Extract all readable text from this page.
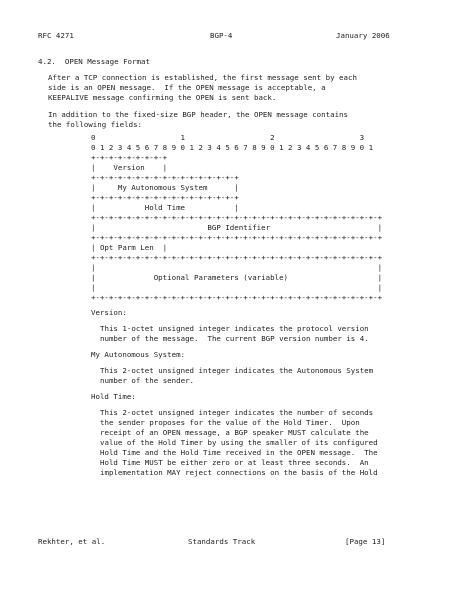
RFC 4271	BGP-4	January 2006
4.2.  OPEN Message Format
After a TCP connection is established, the first message sent by each
side is an OPEN message.  If the OPEN message is acceptable, a
KEEPALIVE message confirming the OPEN is sent back.
In addition to the fixed-size BGP header, the OPEN message contains
the following fields:
0                   1                   2                   3
0 1 2 3 4 5 6 7 8 9 0 1 2 3 4 5 6 7 8 9 0 1 2 3 4 5 6 7 8 9 0 1
+-+-+-+-+-+-+-+-+
|    Version    |
+-+-+-+-+-+-+-+-+-+-+-+-+-+-+-+-+
|     My Autonomous System      |
+-+-+-+-+-+-+-+-+-+-+-+-+-+-+-+-+
|           Hold Time           |
+-+-+-+-+-+-+-+-+-+-+-+-+-+-+-+-+-+-+-+-+-+-+-+-+-+-+-+-+-+-+-+-+
|                         BGP Identifier                        |
+-+-+-+-+-+-+-+-+-+-+-+-+-+-+-+-+-+-+-+-+-+-+-+-+-+-+-+-+-+-+-+-+
| Opt Parm Len  |
+-+-+-+-+-+-+-+-+-+-+-+-+-+-+-+-+-+-+-+-+-+-+-+-+-+-+-+-+-+-+-+-+
|                                                               |
|             Optional Parameters (variable)                    |
|                                                               |
+-+-+-+-+-+-+-+-+-+-+-+-+-+-+-+-+-+-+-+-+-+-+-+-+-+-+-+-+-+-+-+-+
Version:
This 1-octet unsigned integer indicates the protocol version
number of the message.  The current BGP version number is 4.
My Autonomous System:
This 2-octet unsigned integer indicates the Autonomous System
number of the sender.
Hold Time:
This 2-octet unsigned integer indicates the number of seconds
the sender proposes for the value of the Hold Timer.  Upon
receipt of an OPEN message, a BGP speaker MUST calculate the
value of the Hold Timer by using the smaller of its configured
Hold Time and the Hold Time received in the OPEN message.  The
Hold Time MUST be either zero or at least three seconds.  An
implementation MAY reject connections on the basis of the Hold
Rekhter, et al.	Standards Track	[Page 13]
